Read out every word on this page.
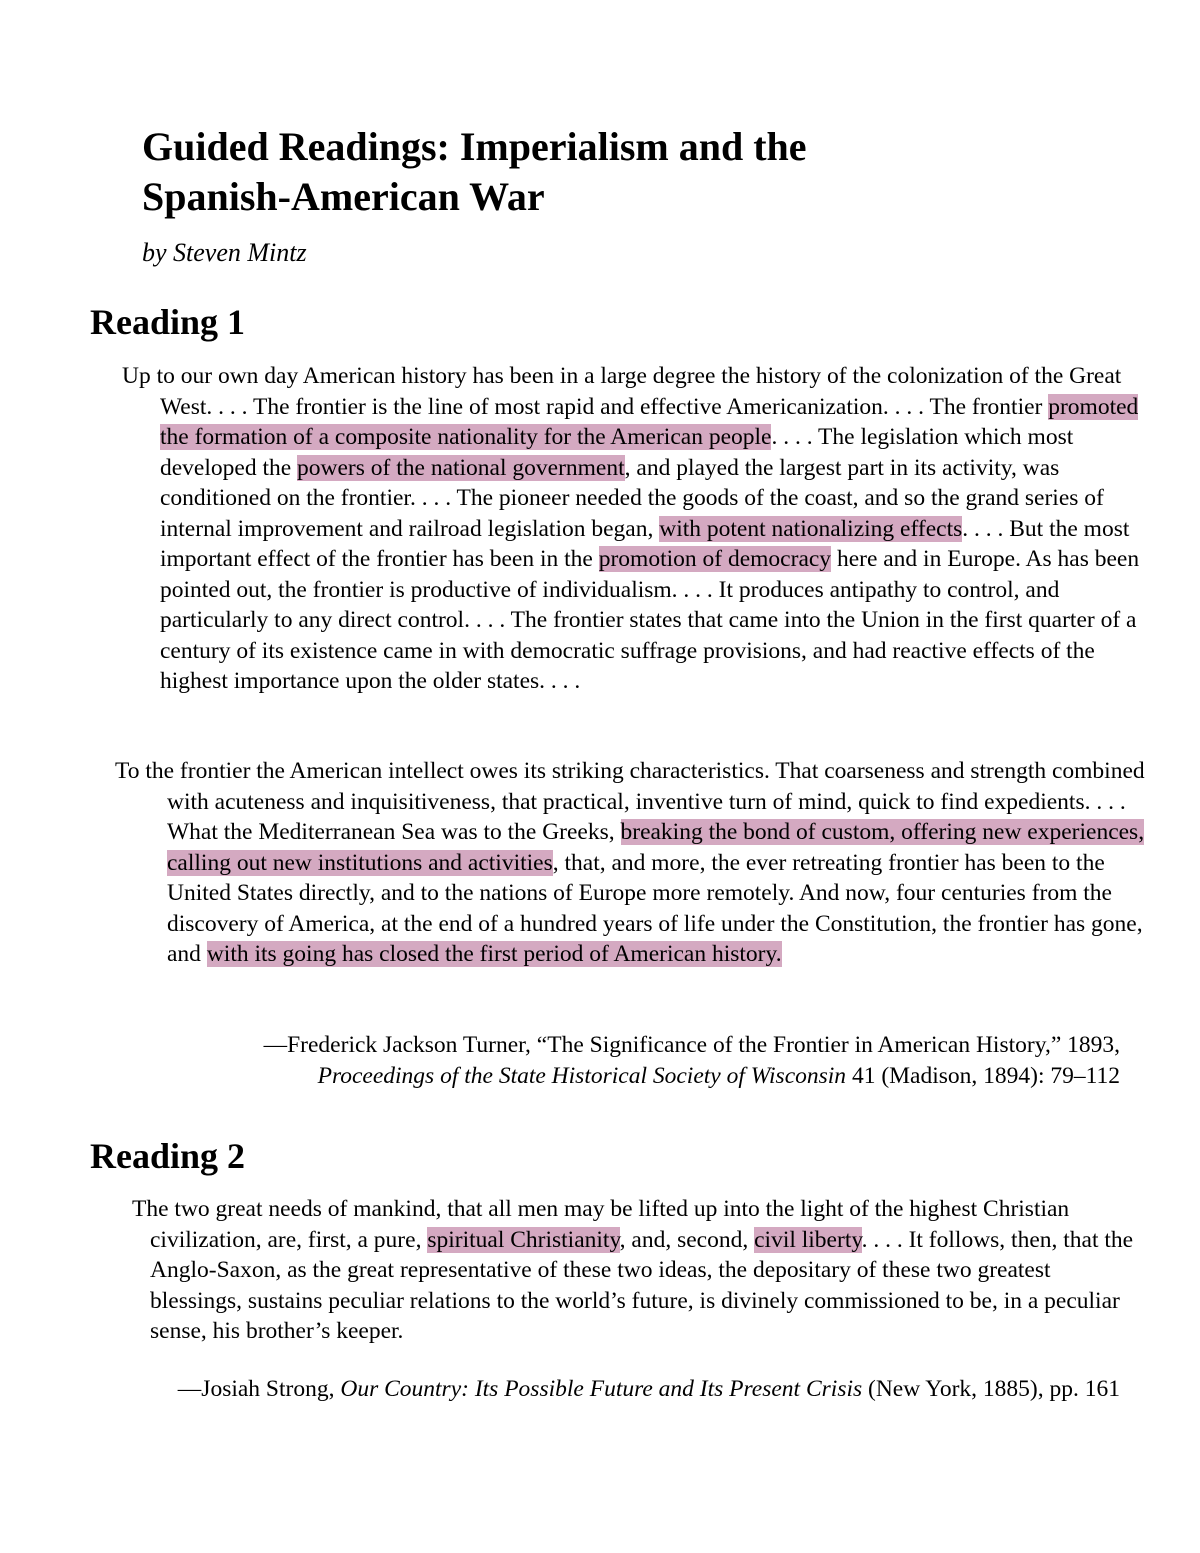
Guided Readings: Imperialism and the
Spanish-American War

by Steven Mintz

Reading 1

Up to our own day American history has been in a large degree the history of the colonization of the Great West. . . . The frontier is the line of most rapid and effective Americanization. . . . The frontier promoted the formation of a composite nationality for the American people. . . . The legislation which most developed the powers of the national government, and played the largest part in its activity, was conditioned on the frontier. . . . The pioneer needed the goods of the coast, and so the grand series of internal improvement and railroad legislation began, with potent nationalizing effects. . . . But the most important effect of the frontier has been in the promotion of democracy here and in Europe. As has been pointed out, the frontier is productive of individualism. . . . It produces antipathy to control, and particularly to any direct control. . . . The frontier states that came into the Union in the first quarter of a century of its existence came in with democratic suffrage provisions, and had reactive effects of the highest importance upon the older states. . . .

To the frontier the American intellect owes its striking characteristics. That coarseness and strength combined with acuteness and inquisitiveness, that practical, inventive turn of mind, quick to find expedients. . . . What the Mediterranean Sea was to the Greeks, breaking the bond of custom, offering new experiences, calling out new institutions and activities, that, and more, the ever retreating frontier has been to the United States directly, and to the nations of Europe more remotely. And now, four centuries from the discovery of America, at the end of a hundred years of life under the Constitution, the frontier has gone, and with its going has closed the first period of American history.

—Frederick Jackson Turner, “The Significance of the Frontier in American History,” 1893,
Proceedings of the State Historical Society of Wisconsin 41 (Madison, 1894): 79–112

Reading 2

The two great needs of mankind, that all men may be lifted up into the light of the highest Christian civilization, are, first, a pure, spiritual Christianity, and, second, civil liberty. . . . It follows, then, that the Anglo-Saxon, as the great representative of these two ideas, the depositary of these two greatest blessings, sustains peculiar relations to the world’s future, is divinely commissioned to be, in a peculiar sense, his brother’s keeper.

—Josiah Strong, Our Country: Its Possible Future and Its Present Crisis (New York, 1885), pp. 161
